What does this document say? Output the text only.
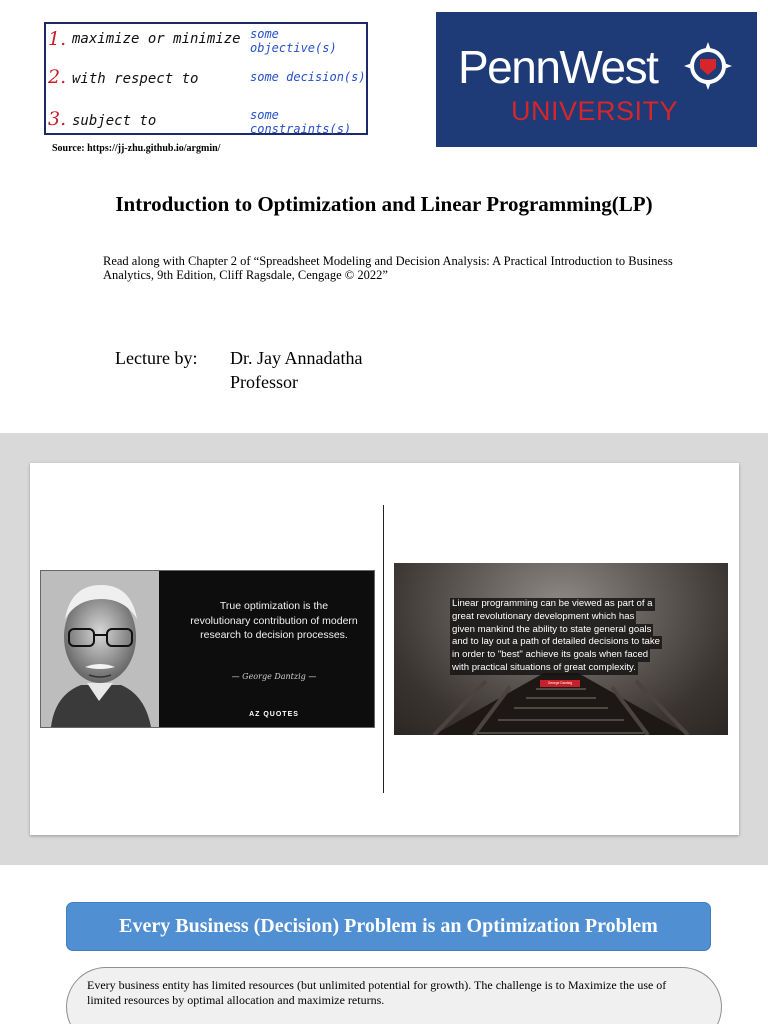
1. maximize or minimize some objective(s)
2. with respect to	some decision(s)
3. subject to	some constraints(s)
Source: https://jj-zhu.github.io/argmin/
PennWest
UNIVERSITY
Introduction to Optimization and Linear Programming(LP)

Read along with Chapter 2 of “Spreadsheet Modeling and Decision Analysis: A Practical Introduction to Business Analytics, 9th Edition, Cliff Ragsdale, Cengage © 2022”

Lecture by: Dr. Jay Annadatha
Professor
True optimization is the revolutionary contribution of modern research to decision processes.
— George Dantzig —
AZ QUOTES
Linear programming can be viewed as part of a
great revolutionary development which has
given mankind the ability to state general goals
and to lay out a path of detailed decisions to take
in order to "best" achieve its goals when faced
with practical situations of great complexity.
George Dantzig
Every Business (Decision) Problem is an Optimization Problem

Every business entity has limited resources (but unlimited potential for growth). The challenge is to Maximize the use of limited resources by optimal allocation and maximize returns.
